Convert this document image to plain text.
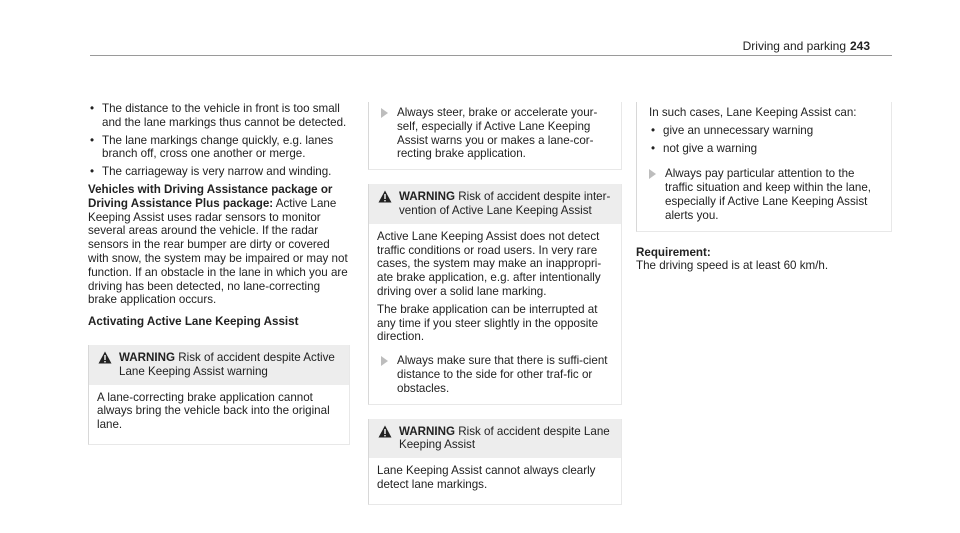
Driving and parking 243
• The distance to the vehicle in front is too small and the lane markings thus cannot be detected.
• The lane markings change quickly, e.g. lanes branch off, cross one another or merge.
• The carriageway is very narrow and winding.

Vehicles with Driving Assistance package or Driving Assistance Plus package: Active Lane Keeping Assist uses radar sensors to monitor several areas around the vehicle. If the radar sensors in the rear bumper are dirty or covered with snow, the system may be impaired or may not function. If an obstacle in the lane in which you are driving has been detected, no lane-correcting brake application occurs.

Activating Active Lane Keeping Assist

WARNING Risk of accident despite Active Lane Keeping Assist warning

A lane-correcting brake application cannot always bring the vehicle back into the original lane.

Always steer, brake or accelerate your-self, especially if Active Lane Keeping Assist warns you or makes a lane-cor-recting brake application.
WARNING Risk of accident despite inter-vention of Active Lane Keeping Assist

Active Lane Keeping Assist does not detect traffic conditions or road users. In very rare cases, the system may make an inappropri-ate brake application, e.g. after intentionally driving over a solid lane marking.

The brake application can be interrupted at any time if you steer slightly in the opposite direction.

Always make sure that there is suffi-cient distance to the side for other traf-fic or obstacles.
WARNING Risk of accident despite Lane Keeping Assist

Lane Keeping Assist cannot always clearly detect lane markings.

In such cases, Lane Keeping Assist can:

• give an unnecessary warning
• not give a warning
Always pay particular attention to the traffic situation and keep within the lane, especially if Active Lane Keeping Assist alerts you.
Requirement:
The driving speed is at least 60 km/h.
